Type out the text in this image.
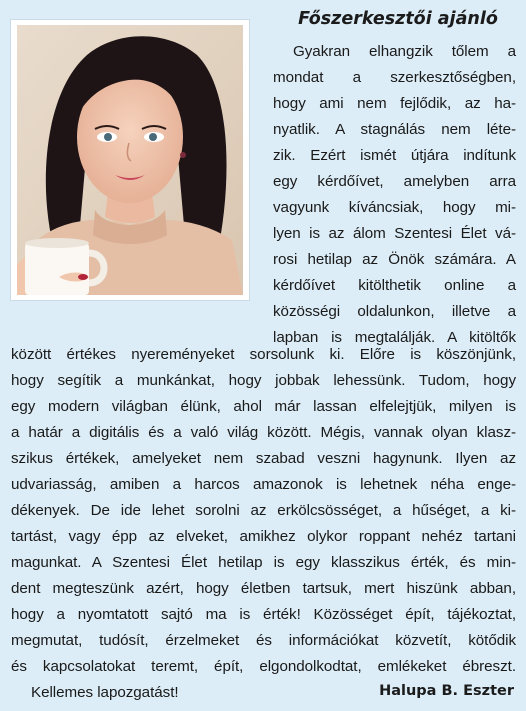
Főszerkesztői ajánló
Gyakran elhangzik tőlem a
mondat a szerkesztőségben,
hogy ami nem fejlődik, az ha-
nyatlik. A stagnálás nem léte-
zik. Ezért ismét útjára indítunk
egy kérdőívet, amelyben arra
vagyunk kíváncsiak, hogy mi-
lyen is az álom Szentesi Élet vá-
rosi hetilap az Önök számára. A
kérdőívet kitölthetik online a
közösségi oldalunkon, illetve a
lapban is megtalálják. A kitöltők
között értékes nyereményeket sorsolunk ki. Előre is köszönjünk,
hogy segítik a munkánkat, hogy jobbak lehessünk. Tudom, hogy
egy modern világban élünk, ahol már lassan elfelejtjük, milyen is
a határ a digitális és a való világ között. Mégis, vannak olyan klasz-
szikus értékek, amelyeket nem szabad veszni hagynunk. Ilyen az
udvariasság, amiben a harcos amazonok is lehetnek néha enge-
dékenyek. De ide lehet sorolni az erkölcsösséget, a hűséget, a ki-
tartást, vagy épp az elveket, amikhez olykor roppant nehéz tartani
magunkat. A Szentesi Élet hetilap is egy klasszikus érték, és min-
dent megteszünk azért, hogy életben tartsuk, mert hiszünk abban,
hogy a nyomtatott sajtó ma is érték! Közösséget épít, tájékoztat,
megmutat, tudósít, érzelmeket és információkat közvetít, kötődik
és kapcsolatokat teremt, épít, elgondolkodtat, emlékeket ébreszt.
Kellemes lapozgatást!	Halupa B. Eszter
